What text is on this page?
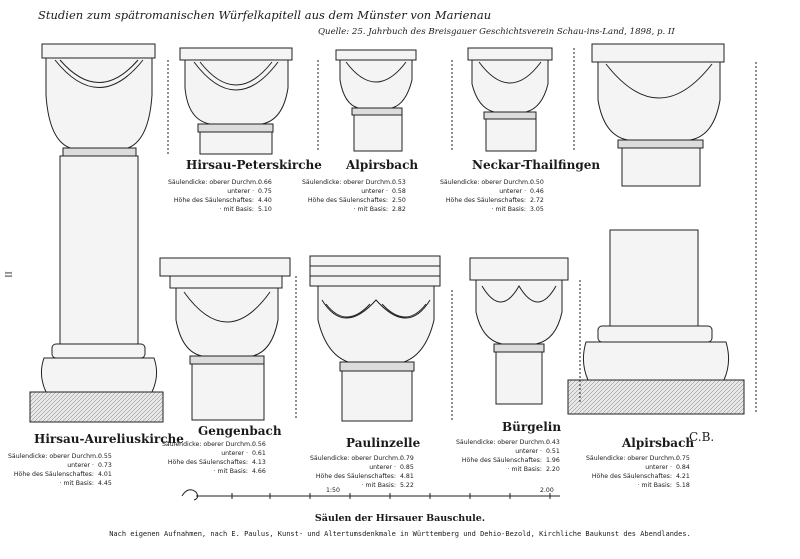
Studien zum spätromanischen Würfelkapitell aus dem Münster von Marienau
Quelle: 25. Jahrbuch des Breisgauer Geschichtsverein Schau-ins-Land, 1898, p. II
II
Hirsau-Peterskirche
Säulendicke: oberer Durchm.:
0.66
unterer · 0.75
Höhe des Säulenschaftes: 4.40
· mit Basis: 5.10
Alpirsbach
Säulendicke: oberer Durchm.:
0.53
unterer · 0.58
Höhe des Säulenschaftes: 2.50
· mit Basis: 2.82
Neckar-Thailfingen
Säulendicke: oberer Durchm.:
0.50
unterer · 0.46
Höhe des Säulenschaftes: 2.72
· mit Basis: 3.05
Hirsau-Aureliuskirche
Säulendicke: oberer Durchm.:
0.55
unterer · 0.73
Höhe des Säulenschaftes: 4.01
· mit Basis: 4.45
Gengenbach
Säulendicke: oberer Durchm.:
0.56
unterer · 0.61
Höhe des Säulenschaftes: 4.13
· mit Basis: 4.66
Paulinzelle
Säulendicke: oberer Durchm.:
0.79
unterer · 0.85
Höhe des Säulenschaftes: 4.81
· mit Basis: 5.22
Bürgelin
Säulendicke: oberer Durchm.:
0.43
unterer · 0.51
Höhe des Säulenschaftes: 1.96
· mit Basis: 2.20
Alpirsbach
Säulendicke: oberer Durchm.:
0.75
unterer · 0.84
Höhe des Säulenschaftes: 4.21
· mit Basis: 5.18
1:50	2.00
C.B.
Säulen der Hirsauer Bauschule.
Nach eigenen Aufnahmen, nach E. Paulus, Kunst- und Altertumsdenkmale in Württemberg und Dehio-Bezold, Kirchliche Baukunst des Abendlandes.
